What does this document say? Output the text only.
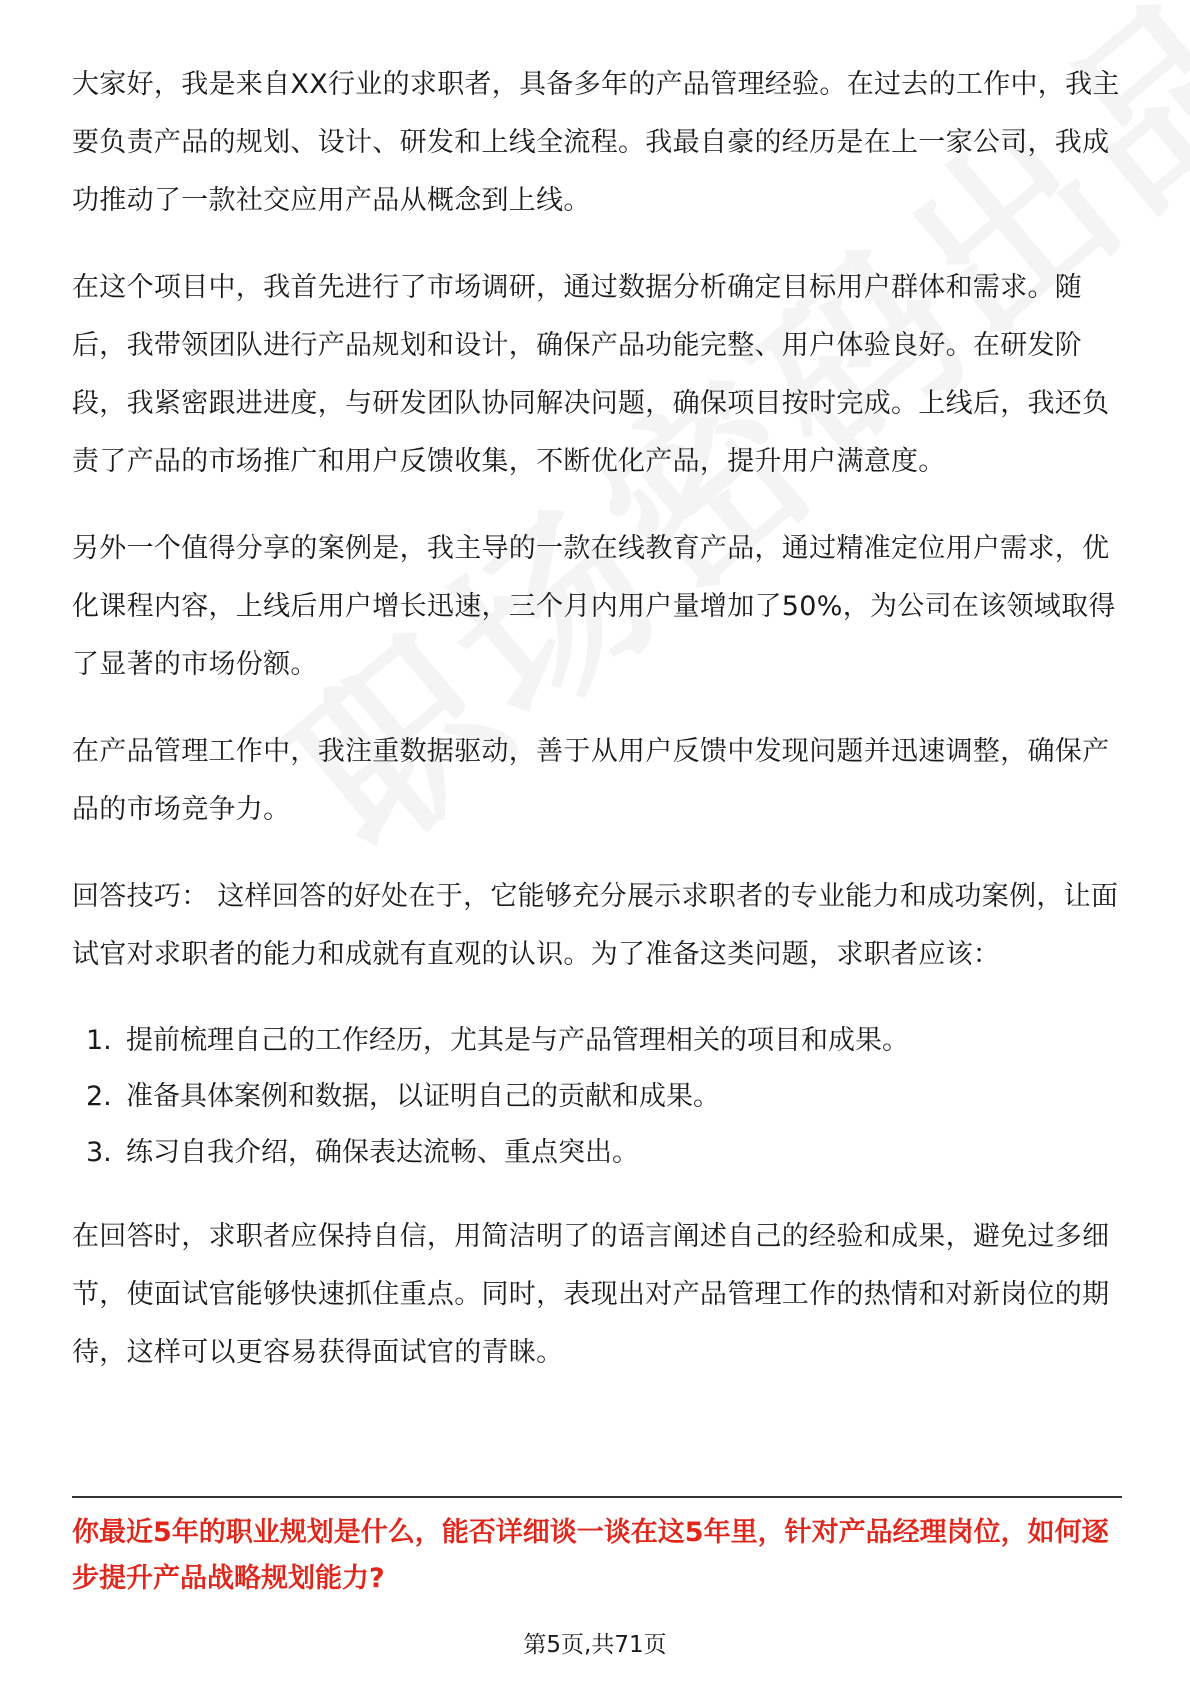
大家好，我是来自XX行业的求职者，具备多年的产品管理经验。在过去的工作中，我主要负责产品的规划、设计、研发和上线全流程。我最自豪的经历是在上一家公司，我成功推动了一款社交应用产品从概念到上线。

在这个项目中，我首先进行了市场调研，通过数据分析确定目标用户群体和需求。随后，我带领团队进行产品规划和设计，确保产品功能完整、用户体验良好。在研发阶段，我紧密跟进进度，与研发团队协同解决问题，确保项目按时完成。上线后，我还负责了产品的市场推广和用户反馈收集，不断优化产品，提升用户满意度。

另外一个值得分享的案例是，我主导的一款在线教育产品，通过精准定位用户需求，优化课程内容，上线后用户增长迅速，三个月内用户量增加了50%，为公司在该领域取得了显著的市场份额。

在产品管理工作中，我注重数据驱动，善于从用户反馈中发现问题并迅速调整，确保产品的市场竞争力。

回答技巧： 这样回答的好处在于，它能够充分展示求职者的专业能力和成功案例，让面试官对求职者的能力和成就有直观的认识。为了准备这类问题，求职者应该：

1. 提前梳理自己的工作经历，尤其是与产品管理相关的项目和成果。
2. 准备具体案例和数据，以证明自己的贡献和成果。
3. 练习自我介绍，确保表达流畅、重点突出。

在回答时，求职者应保持自信，用简洁明了的语言阐述自己的经验和成果，避免过多细节，使面试官能够快速抓住重点。同时，表现出对产品管理工作的热情和对新岗位的期待，这样可以更容易获得面试官的青睐。

你最近5年的职业规划是什么，能否详细谈一谈在这5年里，针对产品经理岗位，如何逐步提升产品战略规划能力?
第5页,共71页
